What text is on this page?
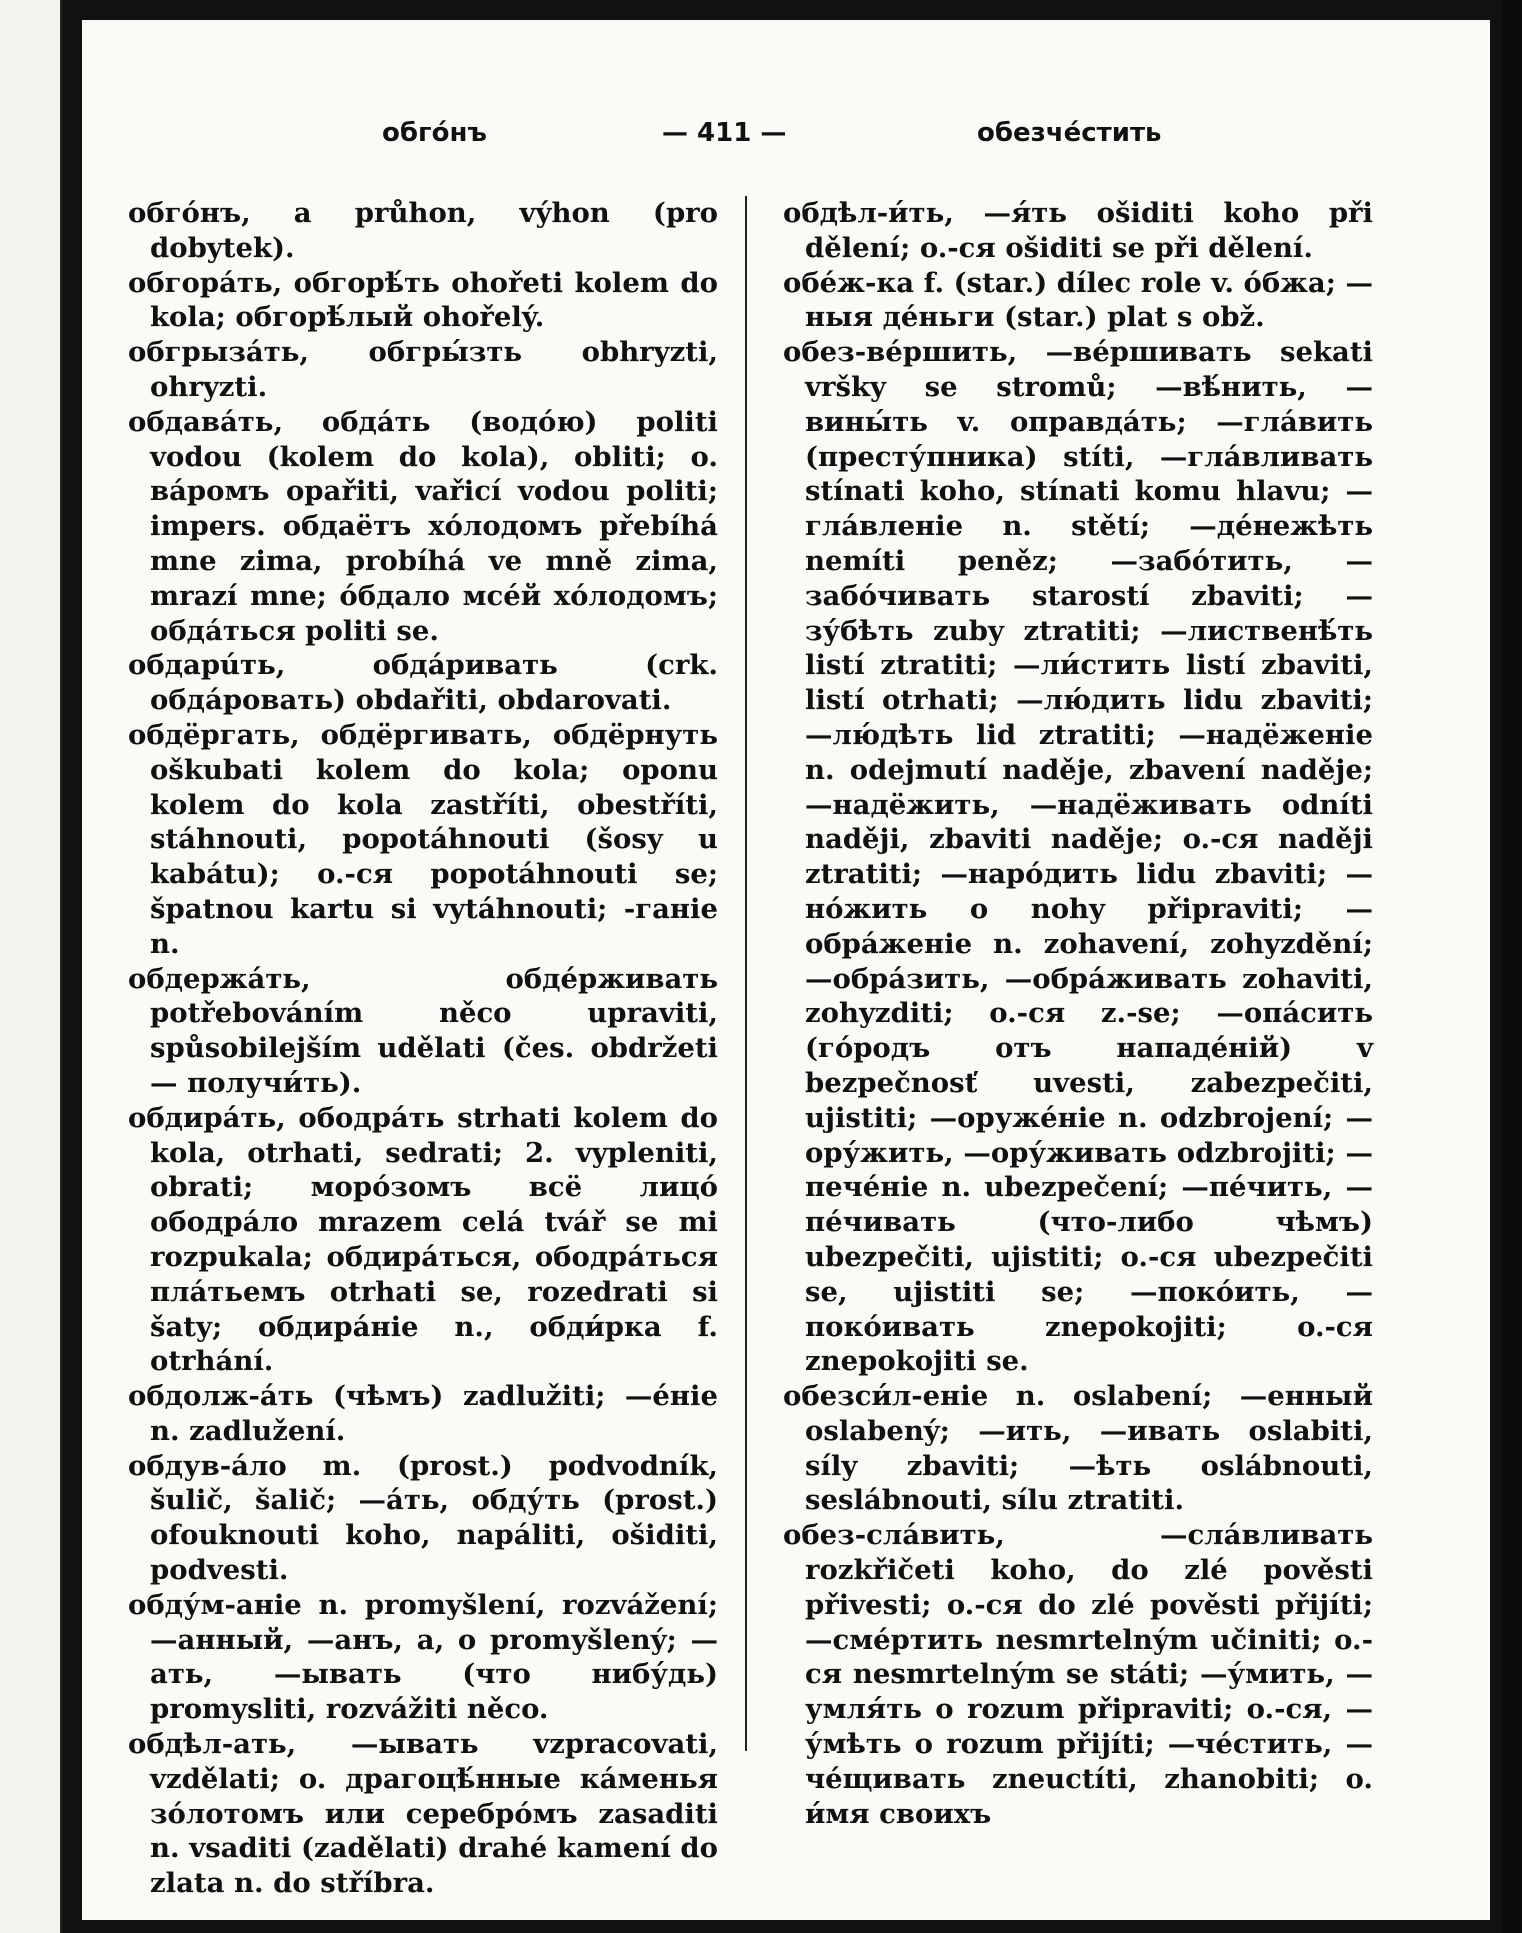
обгóнъ	— 411 —	обезчéстить

обгóнъ, a průhon, výhon (pro dobytek).

обгорáть, обгорѣ́ть ohořeti kolem do kola; обгорѣ́лый ohořelý.

обгрызáть, обгры́зть obhryzti, ohryzti.

обдавáть, обдáть (водóю) politi vodou (kolem do kola), obliti; o. вáромъ opařiti, vařicí vodou politi; impers. обдаётъ хóлодомъ přebíhá mne zima, probíhá ve mně zima, mrazí mne; óбдало мсе́й хóлодомъ; обдáться politi se.

обдарúть, обдáривать (crk. обдáровать) obdařiti, obdarovati.

обдёргать, обдёргивать, обдёрнуть oškubati kolem do kola; oponu kolem do kola zastříti, obestříti, stáhnouti, popotáhnouti (šosy u kabátu); o.-ся popotáhnouti se; špatnou kartu si vytáhnouti; -ганie n.

обдержáть, обдéрживать potřebováním něco upraviti, spůsobilejším udělati (čes. obdržeti — получи́ть).

обдирáть, ободрáть strhati kolem do kola, otrhati, sedrati; 2. vypleniti, obrati; морóзомъ всё лицó ободрáло mrazem celá tvář se mi rozpukala; обдирáться, ободрáться плáтьемъ otrhati se, rozedrati si šaty; обдирáнie n., обди́рка f. otrhání.

обдолж-áть (чѣмъ) zadlužiti; —éнie n. zadlužení.

обдув-áло m. (prost.) podvodník, šulič, šalič; —áть, обду́ть (prost.) ofouknouti koho, napáliti, ošiditi, podvesti.

обду́м-анie n. promyšlení, rozvážení; —анный, —анъ, а, о promyšlený; —ать, —ывать (что нибу́дь) promysliti, rozvážiti něco.

обдѣл-ать, —ывать vzpracovati, vzdělati; o. драгоцѣ́нные кáменья зóлотомъ или серебрóмъ zasaditi n. vsaditi (zadělati) drahé kamení do zlata n. do stříbra.

обдѣл-и́ть, —я́ть ošiditi koho při dělení; o.-ся ošiditi se při dělení.

обéж-ка f. (star.) dílec role v. óбжа; —ныя дéньги (star.) plat s obž.

обез-вéршить, —вéршивать sekati vršky se stromů; —вѣ́нить, —вины́ть v. оправдáть; —глáвить (престу́пника) stíti, —глáвливать stínati koho, stínati komu hlavu; —глáвленie n. stětí; —дéнежѣть nemíti peněz; —забóтить, —забóчивать starostí zbaviti; —зу́бѣть zuby ztratiti; —лиственѣ́ть listí ztratiti; —ли́стить listí zbaviti, listí otrhati; —лю́дить lidu zbaviti; —лю́дѣть lid ztratiti; —надёженie n. odejmutí naděje, zbavení naděje; —надёжить, —надёживать odníti naději, zbaviti naděje; o.-ся naději ztratiti; —нарóдить lidu zbaviti; —нóжить o nohy připraviti; —обрáженie n. zohavení, zohyzdění; —обрáзить, —обрáживать zohaviti, zohyzditi; o.-ся z.-se; —опáсить (гóродъ отъ нападéнiй) v bezpečnosť uvesti, zabezpečiti, ujistiti; —оружéнie n. odzbrojení; —ору́жить, —ору́живать odzbrojiti; —печéнie n. ubezpečení; —пéчить, —пéчивать (что-либо чѣмъ) ubezpečiti, ujistiti; o.-ся ubezpečiti se, ujistiti se; —покóить, —покóивать znepokojiti; o.-ся znepokojiti se.

обезси́л-енie n. oslabení; —енный oslabený; —ить, —ивать oslabiti, síly zbaviti; —ѣть oslábnouti, seslábnouti, sílu ztratiti.

обез-слáвить, —слáвливать rozkřičeti koho, do zlé pověsti přivesti; o.-ся do zlé pověsti přijíti; —смéртить nesmrtelným učiniti; o.-ся nesmrtelným se státi; —у́мить, —умля́ть o rozum připraviti; o.-ся, —у́мѣть o rozum přijíti; —чéстить, —чéщивать zneuctíti, zhanobiti; o. и́мя своихъ
